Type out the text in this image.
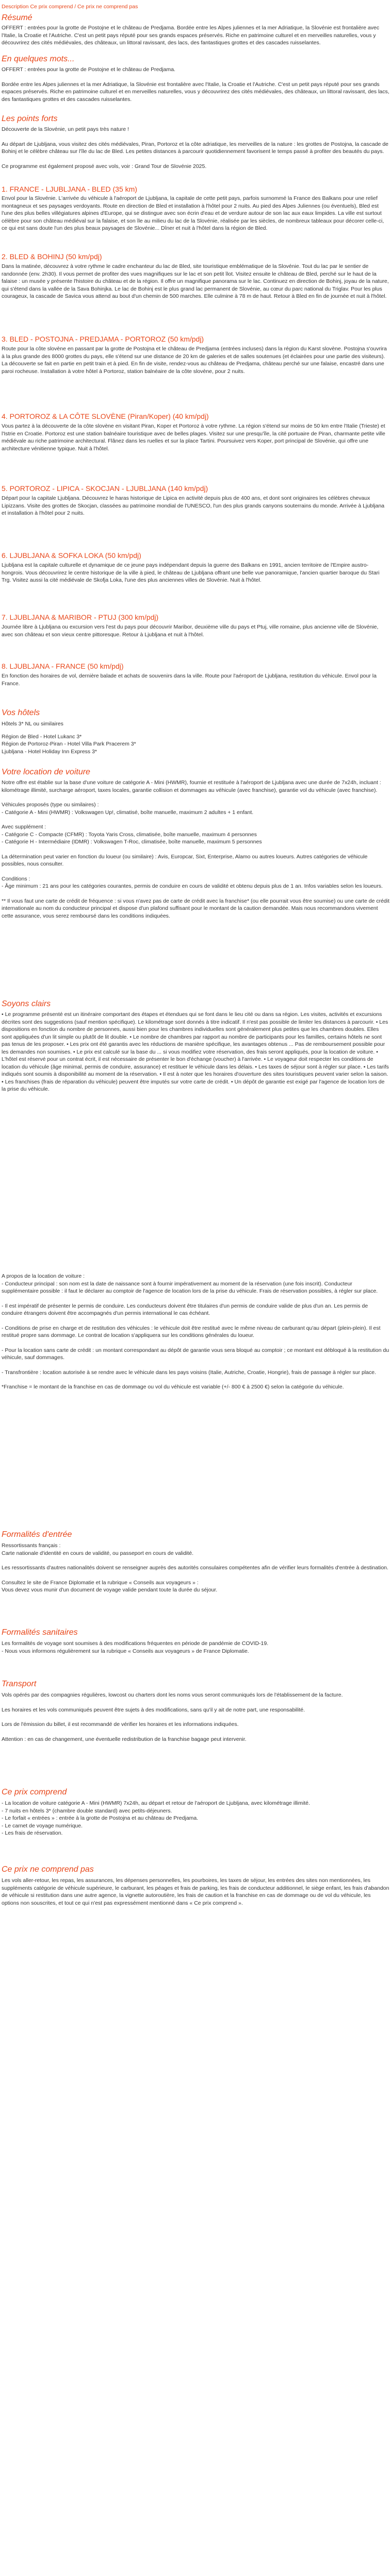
Description Ce prix comprend / Ce prix ne comprend pas
Résumé
OFFERT : entrées pour la grotte de Postojne et le château de Predjama. Bordée entre les Alpes juliennes et la mer Adriatique, la Slovénie est frontalière avec l'Italie, la Croatie et l'Autriche. C'est un petit pays réputé pour ses grands espaces préservés. Riche en patrimoine culturel et en merveilles naturelles, vous y découvrirez des cités médiévales, des châteaux, un littoral ravissant, des lacs, des fantastiques grottes et des cascades ruisselantes.
En quelques mots...

OFFERT : entrées pour la grotte de Postojne et le château de Predjama.

Bordée entre les Alpes juliennes et la mer Adriatique, la Slovénie est frontalière avec l'Italie, la Croatie et l'Autriche. C'est un petit pays réputé pour ses grands espaces préservés. Riche en patrimoine culturel et en merveilles naturelles, vous y découvrirez des cités médiévales, des châteaux, un littoral ravissant, des lacs, des fantastiques grottes et des cascades ruisselantes.

Les points forts

Découverte de la Slovénie, un petit pays très nature !

Au départ de Ljubljana, vous visitez des cités médiévales, Piran, Portoroz et la côte adriatique, les merveilles de la nature : les grottes de Postojna, la cascade de Bohinj et le célèbre château sur l'île du lac de Bled. Les petites distances à parcourir quotidiennement favorisent le temps passé à profiter des beautés du pays.

Ce programme est également proposé avec vols, voir : Grand Tour de Slovénie 2025.

1. FRANCE - LJUBLJANA - BLED (35 km)
Envol pour la Slovénie. L'arrivée du véhicule à l'aéroport de Ljubljana, la capitale de cette petit pays, parfois surnommé la France des Balkans pour une relief montagneux et ses paysages verdoyants. Route en direction de Bled et installation à l'hôtel pour 2 nuits. Au pied des Alpes Juliennes (ou éventuels), Bled est l'une des plus belles villégiatures alpines d'Europe, qui se distingue avec son écrin d'eau et de verdure autour de son lac aux eaux limpides. La ville est surtout célèbre pour son château médiéval sur la falaise, et son île au milieu du lac de la Slovénie, réalisée par les siècles, de nombreux tableaux pour décorer celle-ci, ce qui est sans doute l'un des plus beaux paysages de Slovénie... Dîner et nuit à l'hôtel dans la région de Bled.
2. BLED & BOHINJ (50 km/pdj)
Dans la matinée, découvrez à votre rythme le cadre enchanteur du lac de Bled, site touristique emblématique de la Slovénie. Tout du lac par le sentier de randonnée (env. 2h30). Il vous permet de profiter des vues magnifiques sur le lac et son petit îlot. Visitez ensuite le château de Bled, perché sur le haut de la falaise : un musée y présente l'histoire du château et de la région. Il offre un magnifique panorama sur le lac. Continuez en direction de Bohinj, joyau de la nature, qui s'étend dans la vallée de la Sava Bohinjka. Le lac de Bohinj est le plus grand lac permanent de Slovénie, au cœur du parc national du Triglav. Pour les plus courageux, la cascade de Savica vous attend au bout d'un chemin de 500 marches. Elle culmine à 78 m de haut. Retour à Bled en fin de journée et nuit à l'hôtel.
3. BLED - POSTOJNA - PREDJAMA - PORTOROZ (50 km/pdj)
Route pour la côte slovène en passant par la grotte de Postojna et le château de Predjama (entrées incluses) dans la région du Karst slovène. Postojna s'ouvrira à la plus grande des 8000 grottes du pays, elle s'étend sur une distance de 20 km de galeries et de salles soutenues (et éclairées pour une partie des visiteurs). La découverte se fait en partie en petit train et à pied. En fin de visite, rendez-vous au château de Predjama, château perché sur une falaise, encastré dans une paroi rocheuse. Installation à votre hôtel à Portoroz, station balnéaire de la côte slovène, pour 2 nuits.
4. PORTOROZ & LA CÔTE SLOVÈNE (Piran/Koper) (40 km/pdj)
Vous partez à la découverte de la côte slovène en visitant Piran, Koper et Portoroz à votre rythme. La région s'étend sur moins de 50 km entre l'Italie (Trieste) et l'Istrie en Croatie. Portoroz est une station balnéaire touristique avec de belles plages. Visitez sur une presqu'île, la cité portuaire de Piran, charmante petite ville médiévale au riche patrimoine architectural. Flânez dans les ruelles et sur la place Tartini. Poursuivez vers Koper, port principal de Slovénie, qui offre une architecture vénitienne typique. Nuit à l'hôtel.
5. PORTOROZ - LIPICA - SKOCJAN - LJUBLJANA (140 km/pdj)
Départ pour la capitale Ljubljana. Découvrez le haras historique de Lipica en activité depuis plus de 400 ans, et dont sont originaires les célèbres chevaux Lipizzans. Visite des grottes de Skocjan, classées au patrimoine mondial de l'UNESCO, l'un des plus grands canyons souterrains du monde. Arrivée à Ljubljana et installation à l'hôtel pour 2 nuits.
6. LJUBLJANA & SOFKA LOKA (50 km/pdj)
Ljubljana est la capitale culturelle et dynamique de ce jeune pays indépendant depuis la guerre des Balkans en 1991, ancien territoire de l'Empire austro-hongrois. Vous découvrirez le centre historique de la ville à pied, le château de Ljubljana offrant une belle vue panoramique, l'ancien quartier baroque du Stari Trg. Visitez aussi la cité médiévale de Skofja Loka, l'une des plus anciennes villes de Slovénie. Nuit à l'hôtel.
7. LJUBLJANA & MARIBOR - PTUJ (300 km/pdj)
Journée libre à Ljubljana ou excursion vers l'est du pays pour découvrir Maribor, deuxième ville du pays et Ptuj, ville romaine, plus ancienne ville de Slovénie, avec son château et son vieux centre pittoresque. Retour à Ljubljana et nuit à l'hôtel.
8. LJUBLJANA - FRANCE (50 km/pdj)
En fonction des horaires de vol, dernière balade et achats de souvenirs dans la ville. Route pour l'aéroport de Ljubljana, restitution du véhicule. Envol pour la France.
Vos hôtels
Hôtels 3* NL ou similaires
Région de Bled - Hotel Lukanc 3*
Région de Portoroz-Piran - Hotel Villa Park Pracerem 3*
Ljubljana - Hotel Holiday Inn Express 3*
Votre location de voiture

Notre offre est établie sur la base d'une voiture de catégorie A - Mini (HWMR), fournie et restituée à l'aéroport de Ljubljana avec une durée de 7x24h, incluant : kilométrage illimité, surcharge aéroport, taxes locales, garantie collision et dommages au véhicule (avec franchise), garantie vol du véhicule (avec franchise).

Véhicules proposés (type ou similaires) :

- Catégorie A - Mini (HWMR) : Volkswagen Up!, climatisé, boîte manuelle, maximum 2 adultes + 1 enfant.

Avec supplément :
- Catégorie C - Compacte (CFMR) : Toyota Yaris Cross, climatisée, boîte manuelle, maximum 4 personnes

- Catégorie H - Intermédiaire (IDMR) : Volkswagen T-Roc, climatisée, boîte manuelle, maximum 5 personnes

La détermination peut varier en fonction du loueur (ou similaire) : Avis, Europcar, Sixt, Enterprise, Alamo ou autres loueurs. Autres catégories de véhicule possibles, nous consulter.

Conditions :

- Âge minimum : 21 ans pour les catégories courantes, permis de conduire en cours de validité et obtenu depuis plus de 1 an. Infos variables selon les loueurs.

** Il vous faut une carte de crédit de fréquence : si vous n'avez pas de carte de crédit avec la franchise* (ou elle pourrait vous être soumise) ou une carte de crédit internationale au nom du conducteur principal et dispose d'un plafond suffisant pour le montant de la caution demandée. Mais nous recommandons vivement cette assurance, vous serez remboursé dans les conditions indiquées.

Soyons clairs
• Le programme présenté est un itinéraire comportant des étapes et étendues qui se font dans le lieu cité ou dans sa région. Les visites, activités et excursions décrites sont des suggestions (sauf mention spécifique). Le kilométrage sont donnés à titre indicatif. Il n'est pas possible de limiter les distances à parcourir. • Les dispositions en fonction du nombre de personnes, aussi bien pour les chambres individuelles sont généralement plus petites que les chambres doubles. Elles sont appliquées d'un lit simple ou plutôt de lit double. • Le nombre de chambres par rapport au nombre de participants pour les familles, certains hôtels ne sont pas tenus de les proposer. • Les prix ont été garantis avec les réductions de manière spécifique, les avantages obtenus ... Pas de remboursement possible pour les demandes non soumises. • Le prix est calculé sur la base du ... si vous modifiez votre réservation, des frais seront appliqués, pour la location de voiture. • L'hôtel est réservé pour un contrat écrit, il est nécessaire de présenter le bon d'échange (voucher) à l'arrivée. • Le voyageur doit respecter les conditions de location du véhicule (âge minimal, permis de conduire, assurance) et restituer le véhicule dans les délais. • Les taxes de séjour sont à régler sur place. • Les tarifs indiqués sont soumis à disponibilité au moment de la réservation. • Il est à noter que les horaires d'ouverture des sites touristiques peuvent varier selon la saison. • Les franchises (frais de réparation du véhicule) peuvent être imputés sur votre carte de crédit. • Un dépôt de garantie est exigé par l'agence de location lors de la prise du véhicule.
A propos de la location de voiture :

- Conducteur principal : son nom est la date de naissance sont à fournir impérativement au moment de la réservation (une fois inscrit). Conducteur supplémentaire possible : il faut le déclarer au comptoir de l'agence de location lors de la prise du véhicule. Frais de réservation possibles, à régler sur place.

- Il est impératif de présenter le permis de conduire. Les conducteurs doivent être titulaires d'un permis de conduire valide de plus d'un an. Les permis de conduire étrangers doivent être accompagnés d'un permis international le cas échéant.

- Conditions de prise en charge et de restitution des véhicules : le véhicule doit être restitué avec le même niveau de carburant qu'au départ (plein-plein). Il est restitué propre sans dommage. Le contrat de location s'appliquera sur les conditions générales du loueur.

- Pour la location sans carte de crédit : un montant correspondant au dépôt de garantie vous sera bloqué au comptoir ; ce montant est débloqué à la restitution du véhicule, sauf dommages.

- Transfrontière : location autorisée à se rendre avec le véhicule dans les pays voisins (Italie, Autriche, Croatie, Hongrie), frais de passage à régler sur place.

*Franchise = le montant de la franchise en cas de dommage ou vol du véhicule est variable (+/- 800 € à 2500 €) selon la catégorie du véhicule.

Formalités d'entrée
Ressortissants français :

Carte nationale d'identité en cours de validité, ou passeport en cours de validité.

Les ressortissants d'autres nationalités doivent se renseigner auprès des autorités consulaires compétentes afin de vérifier leurs formalités d'entrée à destination.

Consultez le site de France Diplomatie et la rubrique « Conseils aux voyageurs » :

Vous devez vous munir d'un document de voyage valide pendant toute la durée du séjour.

Formalités sanitaires
Les formalités de voyage sont soumises à des modifications fréquentes en période de pandémie de COVID-19.

- Nous vous informons régulièrement sur la rubrique « Conseils aux voyageurs » de France Diplomatie.

Transport

Vols opérés par des compagnies régulières, lowcost ou charters dont les noms vous seront communiqués lors de l'établissement de la facture.

Les horaires et les vols communiqués peuvent être sujets à des modifications, sans qu'il y ait de notre part, une responsabilité.

Lors de l'émission du billet, il est recommandé de vérifier les horaires et les informations indiquées.

Attention : en cas de changement, une éventuelle redistribution de la franchise bagage peut intervenir.

Ce prix comprend
- La location de voiture catégorie A - Mini (HWMR) 7x24h, au départ et retour de l'aéroport de Ljubljana, avec kilométrage illimité.
- 7 nuits en hôtels 3* (chambre double standard) avec petits-déjeuners.
- Le forfait « entrées » : entrée à la grotte de Postojna et au château de Predjama.
- Le carnet de voyage numérique.
- Les frais de réservation.
Ce prix ne comprend pas
Les vols aller-retour, les repas, les assurances, les dépenses personnelles, les pourboires, les taxes de séjour, les entrées des sites non mentionnées, les suppléments catégorie de véhicule supérieure, le carburant, les péages et frais de parking, les frais de conducteur additionnel, le siège enfant, les frais d'abandon de véhicule si restitution dans une autre agence, la vignette autoroutière, les frais de caution et la franchise en cas de dommage ou de vol du véhicule, les options non souscrites, et tout ce qui n'est pas expressément mentionné dans « Ce prix comprend ».
